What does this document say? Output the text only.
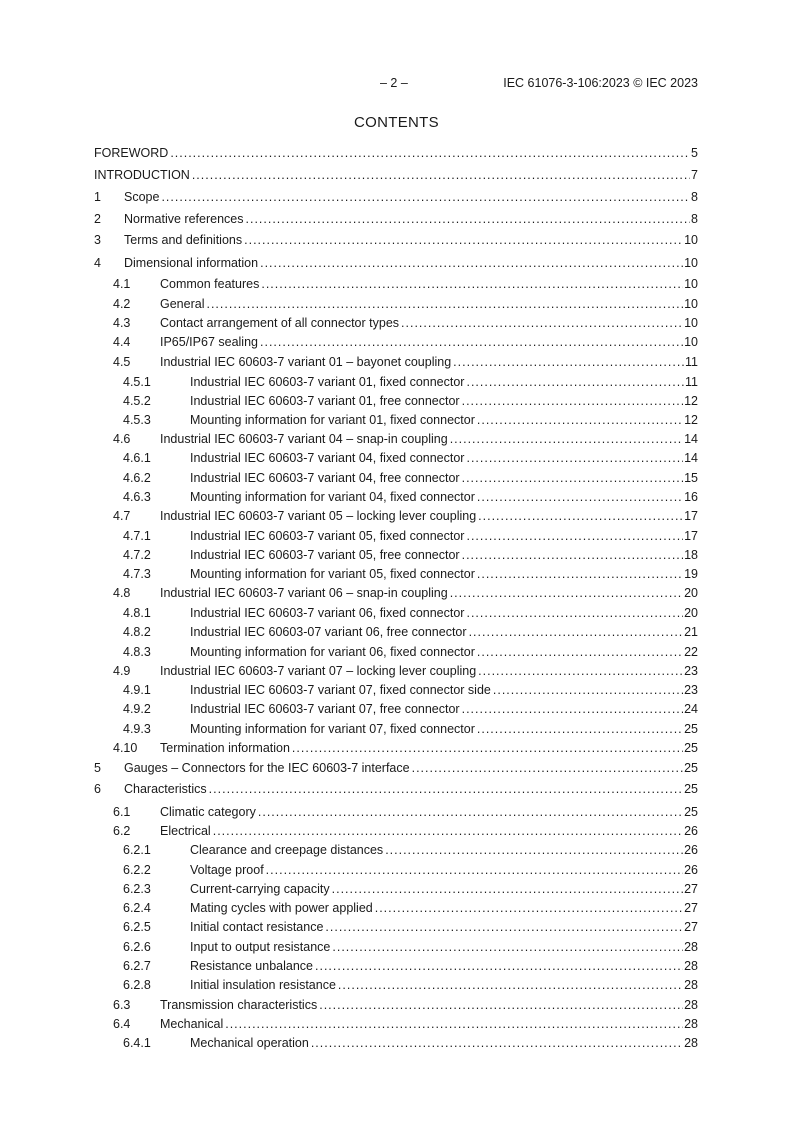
– 2 –	IEC 61076-3-106:2023 © IEC 2023
CONTENTS
FOREWORD .....	5
INTRODUCTION .....	7
1	Scope .....	8
2	Normative references .....	8
3	Terms and definitions .....	10
4	Dimensional information .....	10
4.1	Common features .....	10
4.2	General .....	10
4.3	Contact arrangement of all connector types .....	10
4.4	IP65/IP67 sealing .....	10
4.5	Industrial IEC 60603-7 variant 01 – bayonet coupling .....	11
4.5.1	Industrial IEC 60603-7 variant 01, fixed connector .....	11
4.5.2	Industrial IEC 60603-7 variant 01, free connector .....	12
4.5.3	Mounting information for variant 01, fixed connector .....	12
4.6	Industrial IEC 60603-7 variant 04 – snap-in coupling .....	14
4.6.1	Industrial IEC 60603-7 variant 04, fixed connector .....	14
4.6.2	Industrial IEC 60603-7 variant 04, free connector .....	15
4.6.3	Mounting information for variant 04, fixed connector .....	16
4.7	Industrial IEC 60603-7 variant 05 – locking lever coupling .....	17
4.7.1	Industrial IEC 60603-7 variant 05, fixed connector .....	17
4.7.2	Industrial IEC 60603-7 variant 05, free connector .....	18
4.7.3	Mounting information for variant 05, fixed connector .....	19
4.8	Industrial IEC 60603-7 variant 06 – snap-in coupling .....	20
4.8.1	Industrial IEC 60603-7 variant 06, fixed connector .....	20
4.8.2	Industrial IEC 60603-07 variant 06, free connector .....	21
4.8.3	Mounting information for variant 06, fixed connector .....	22
4.9	Industrial IEC 60603-7 variant 07 – locking lever coupling .....	23
4.9.1	Industrial IEC 60603-7 variant 07, fixed connector side .....	23
4.9.2	Industrial IEC 60603-7 variant 07, free connector .....	24
4.9.3	Mounting information for variant 07, fixed connector .....	25
4.10	Termination information .....	25
5	Gauges – Connectors for the IEC 60603-7 interface .....	25
6	Characteristics .....	25
6.1	Climatic category .....	25
6.2	Electrical .....	26
6.2.1	Clearance and creepage distances .....	26
6.2.2	Voltage proof .....	26
6.2.3	Current-carrying capacity .....	27
6.2.4	Mating cycles with power applied .....	27
6.2.5	Initial contact resistance .....	27
6.2.6	Input to output resistance .....	28
6.2.7	Resistance unbalance .....	28
6.2.8	Initial insulation resistance .....	28
6.3	Transmission characteristics .....	28
6.4	Mechanical .....	28
6.4.1	Mechanical operation .....	28
